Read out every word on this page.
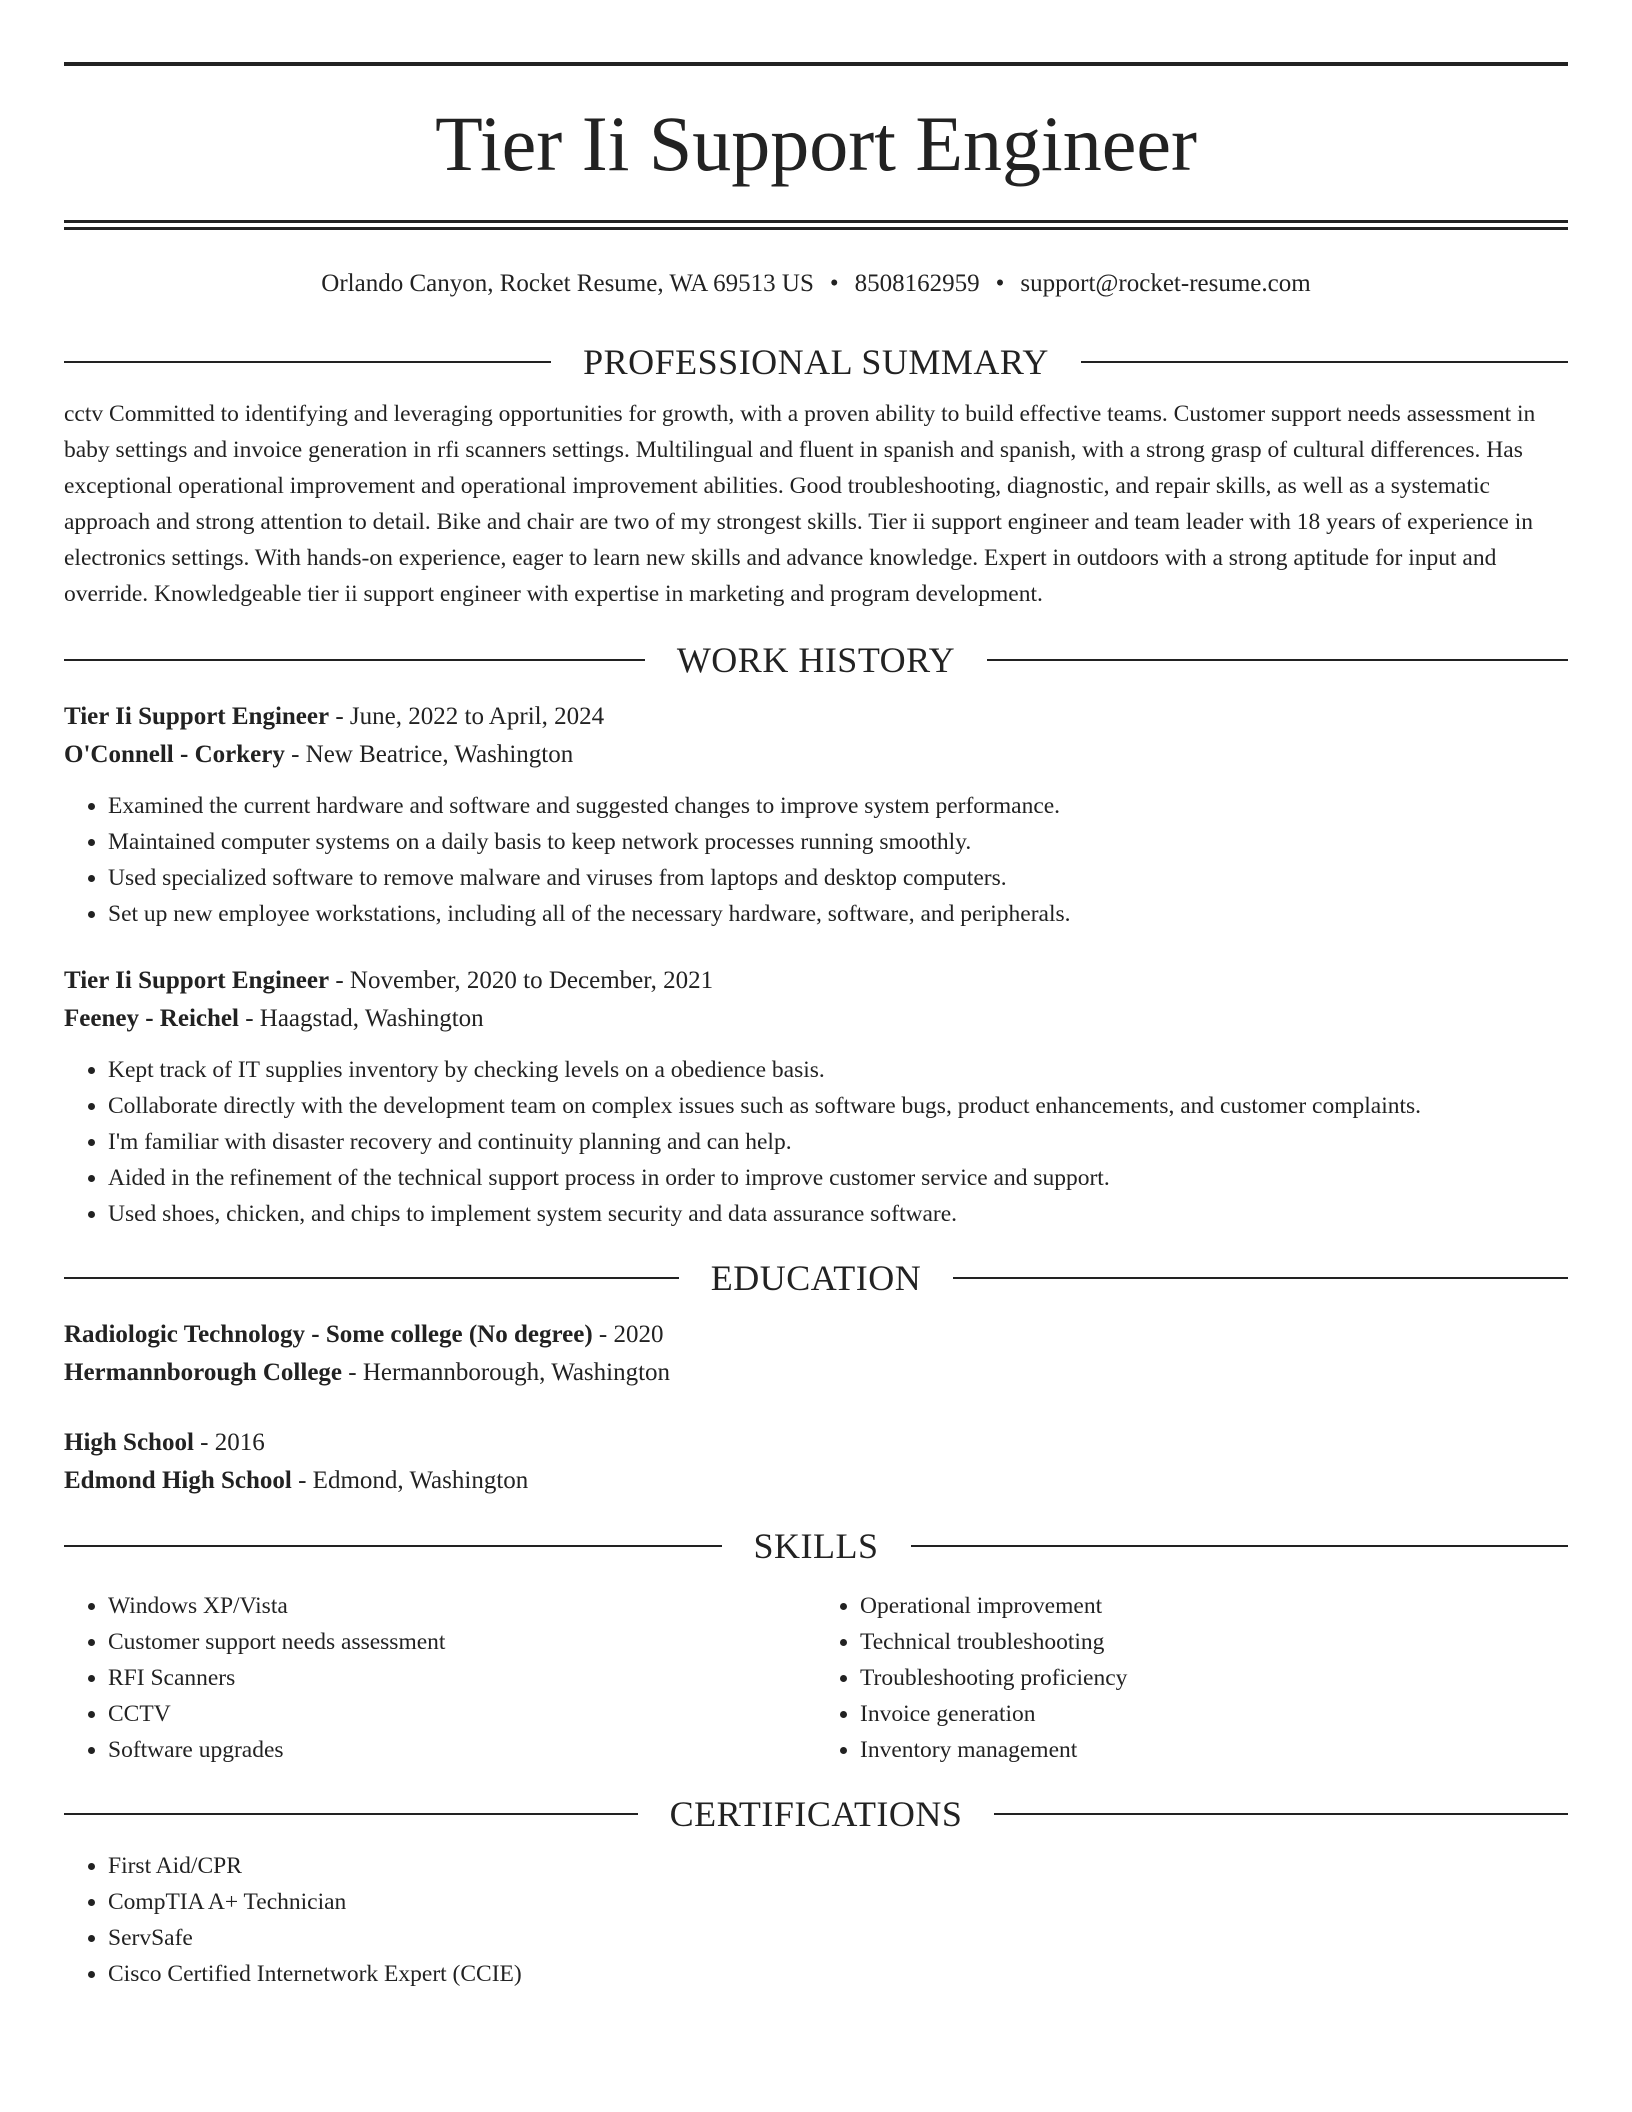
Tier Ii Support Engineer
Orlando Canyon, Rocket Resume, WA 69513 US • 8508162959 • support@rocket-resume.com
PROFESSIONAL SUMMARY

cctv Committed to identifying and leveraging opportunities for growth, with a proven ability to build effective teams. Customer support needs assessment in baby settings and invoice generation in rfi scanners settings. Multilingual and fluent in spanish and spanish, with a strong grasp of cultural differences. Has exceptional operational improvement and operational improvement abilities. Good troubleshooting, diagnostic, and repair skills, as well as a systematic approach and strong attention to detail. Bike and chair are two of my strongest skills. Tier ii support engineer and team leader with 18 years of experience in electronics settings. With hands-on experience, eager to learn new skills and advance knowledge. Expert in outdoors with a strong aptitude for input and override. Knowledgeable tier ii support engineer with expertise in marketing and program development.

WORK HISTORY
Tier Ii Support Engineer - June, 2022 to April, 2024
O'Connell - Corkery - New Beatrice, Washington
• Examined the current hardware and software and suggested changes to improve system performance.
• Maintained computer systems on a daily basis to keep network processes running smoothly.
• Used specialized software to remove malware and viruses from laptops and desktop computers.
• Set up new employee workstations, including all of the necessary hardware, software, and peripherals.
Tier Ii Support Engineer - November, 2020 to December, 2021
Feeney - Reichel - Haagstad, Washington
• Kept track of IT supplies inventory by checking levels on a obedience basis.
• Collaborate directly with the development team on complex issues such as software bugs, product enhancements, and customer complaints.
• I'm familiar with disaster recovery and continuity planning and can help.
• Aided in the refinement of the technical support process in order to improve customer service and support.
• Used shoes, chicken, and chips to implement system security and data assurance software.
EDUCATION
Radiologic Technology - Some college (No degree) - 2020
Hermannborough College - Hermannborough, Washington
High School - 2016
Edmond High School - Edmond, Washington
SKILLS
• Windows XP/Vista
• Customer support needs assessment
• RFI Scanners
• CCTV
• Software upgrades
• Operational improvement
• Technical troubleshooting
• Troubleshooting proficiency
• Invoice generation
• Inventory management
CERTIFICATIONS
• First Aid/CPR
• CompTIA A+ Technician
• ServSafe
• Cisco Certified Internetwork Expert (CCIE)
